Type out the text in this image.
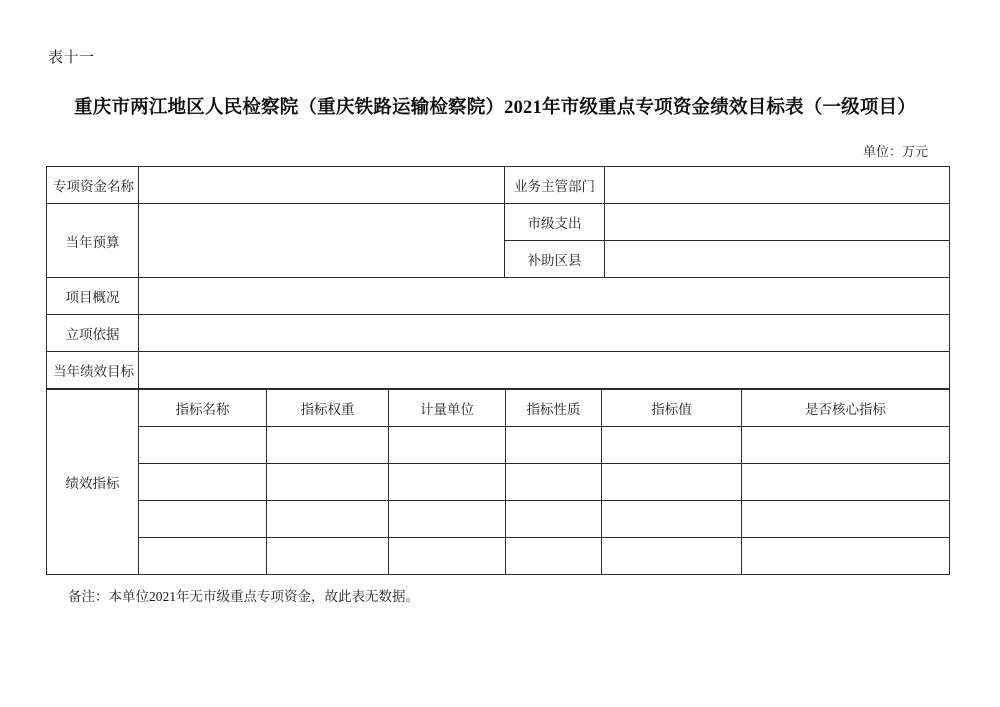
表十一
重庆市两江地区人民检察院（重庆铁路运输检察院）2021年市级重点专项资金绩效目标表（一级项目）
单位：万元
专项资金名称		业务主管部门	
当年预算		市级支出	
		补助区县	
项目概况			
立项依据			
当年绩效目标			
绩效指标	指标名称	指标权重	计量单位	指标性质	指标值	是否核心指标

备注：本单位2021年无市级重点专项资金，故此表无数据。
